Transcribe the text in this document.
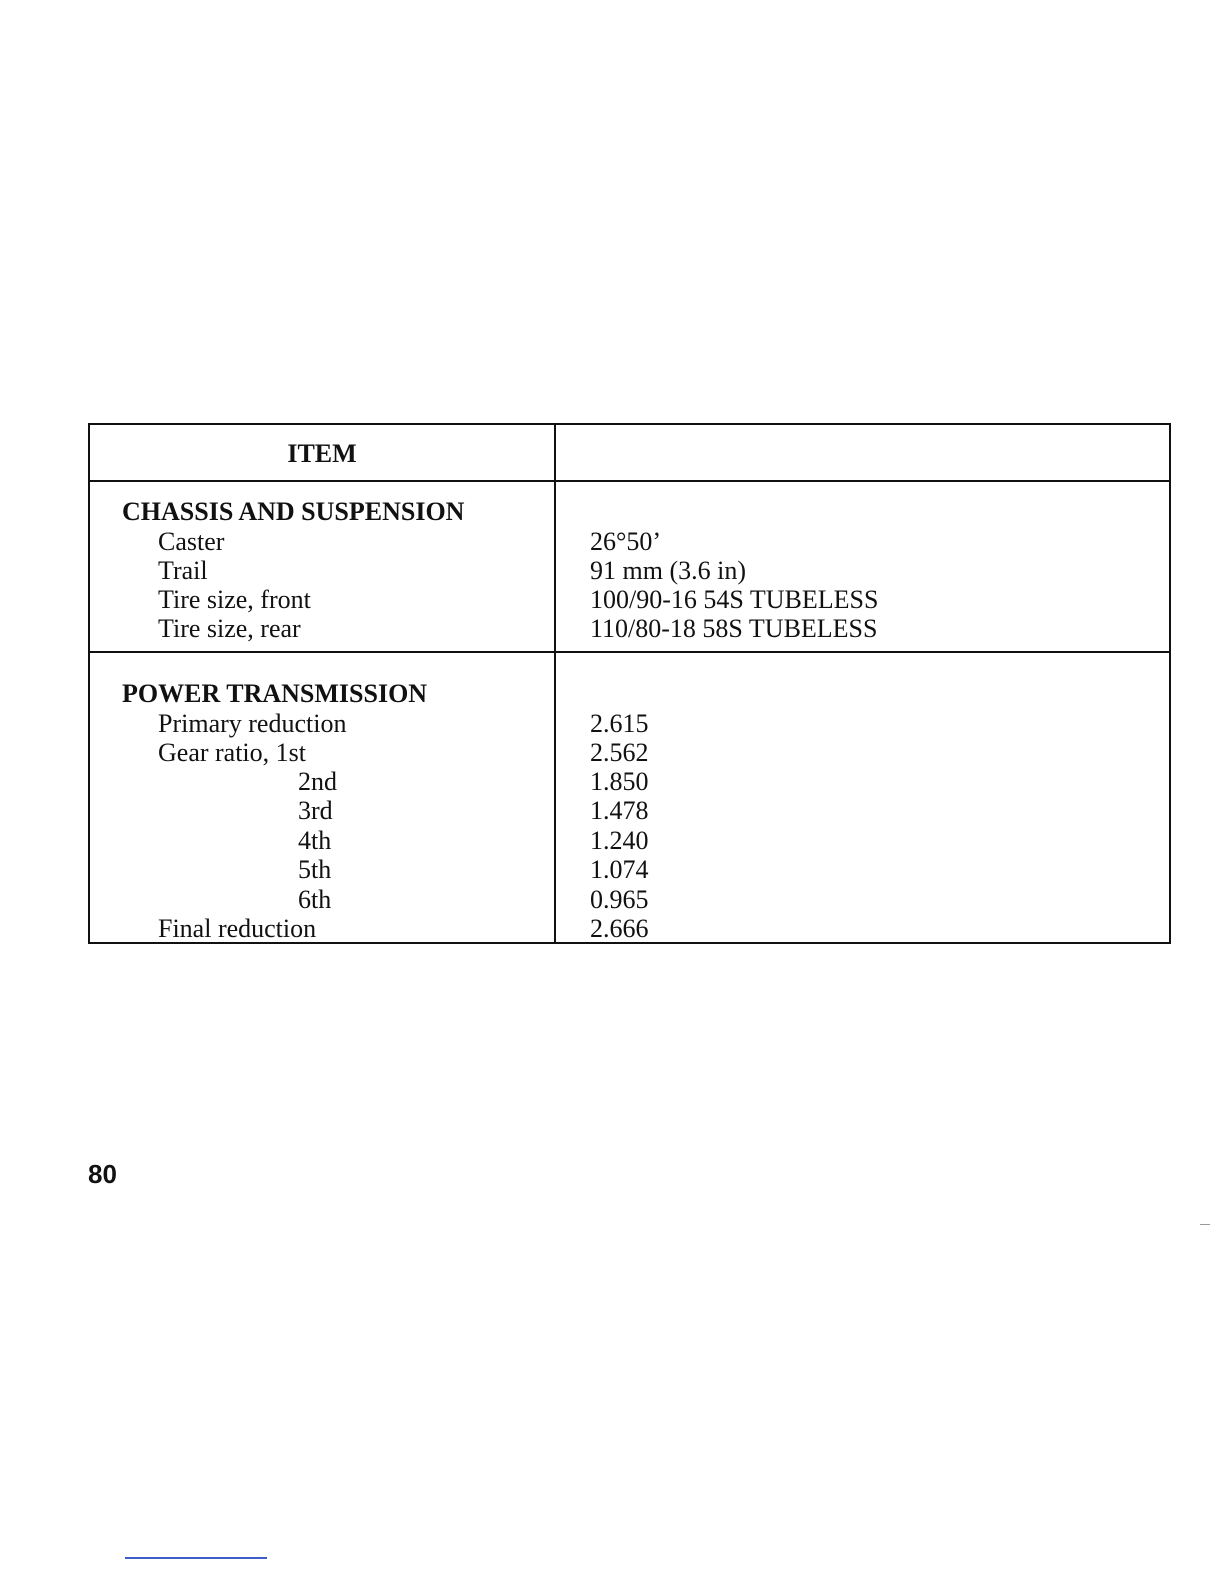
ITEM
CHASSIS AND SUSPENSION
Caster	26°50’
Trail	91 mm (3.6 in)
Tire size, front	100/90-16 54S TUBELESS
Tire size, rear	110/80-18 58S TUBELESS
POWER TRANSMISSION
Primary reduction	2.615
Gear ratio, 1st	2.562
2nd	1.850
3rd	1.478
4th	1.240
5th	1.074
6th	0.965
Final reduction	2.666
80
